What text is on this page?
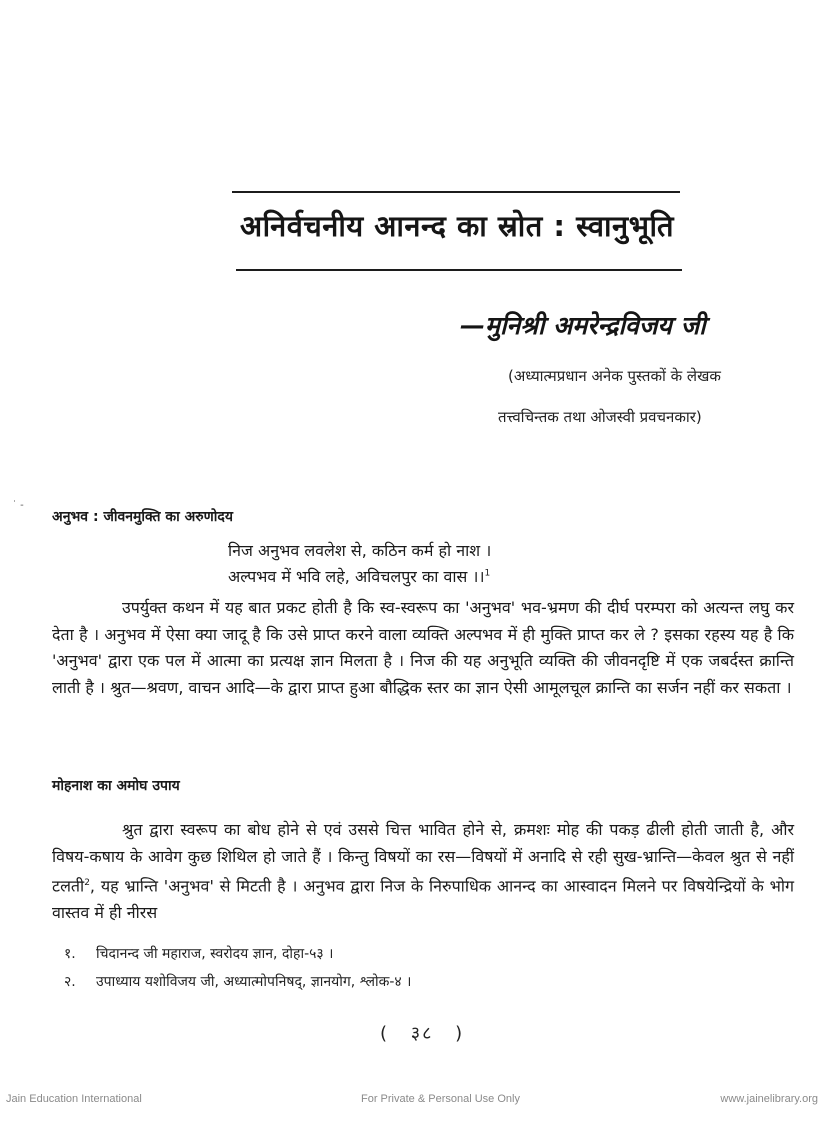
अनिर्वचनीय आनन्द का स्रोत : स्वानुभूति
—मुनिश्री अमरेन्द्रविजय जी
(अध्यात्मप्रधान अनेक पुस्तकों के लेखक
तत्त्वचिन्तक तथा ओजस्वी प्रवचनकार)
˙ ‐
अनुभव : जीवनमुक्ति का अरुणोदय
निज अनुभव लवलेश से, कठिन कर्म हो नाश ।
अल्पभव में भवि लहे, अविचलपुर का वास ।।$^1$

उपर्युक्त कथन में यह बात प्रकट होती है कि स्व-स्वरूप का 'अनुभव' भव-भ्रमण की दीर्घ परम्परा को अत्यन्त लघु कर देता है । अनुभव में ऐसा क्या जादू है कि उसे प्राप्त करने वाला व्यक्ति अल्पभव में ही मुक्ति प्राप्त कर ले ? इसका रहस्य यह है कि 'अनुभव' द्वारा एक पल में आत्मा का प्रत्यक्ष ज्ञान मिलता है । निज की यह अनुभूति व्यक्ति की जीवनदृष्टि में एक जबर्दस्त क्रान्ति लाती है । श्रुत—श्रवण, वाचन आदि—के द्वारा प्राप्त हुआ बौद्धिक स्तर का ज्ञान ऐसी आमूलचूल क्रान्ति का सर्जन नहीं कर सकता ।

मोहनाश का अमोघ उपाय

श्रुत द्वारा स्वरूप का बोध होने से एवं उससे चित्त भावित होने से, क्रमशः मोह की पकड़ ढीली होती जाती है, और विषय-कषाय के आवेग कुछ शिथिल हो जाते हैं । किन्तु विषयों का रस—विषयों में अनादि से रही सुख-भ्रान्ति—केवल श्रुत से नहीं टलती$^2$, यह भ्रान्ति 'अनुभव' से मिटती है । अनुभव द्वारा निज के निरुपाधिक आनन्द का आस्वादन मिलने पर विषयेन्द्रियों के भोग वास्तव में ही नीरस

१. चिदानन्द जी महाराज, स्वरोदय ज्ञान, दोहा-५३ ।
२. उपाध्याय यशोविजय जी, अध्यात्मोपनिषद्, ज्ञानयोग, श्लोक-४ ।
( ३८ )
Jain Education International	For Private & Personal Use Only	www.jainelibrary.org
